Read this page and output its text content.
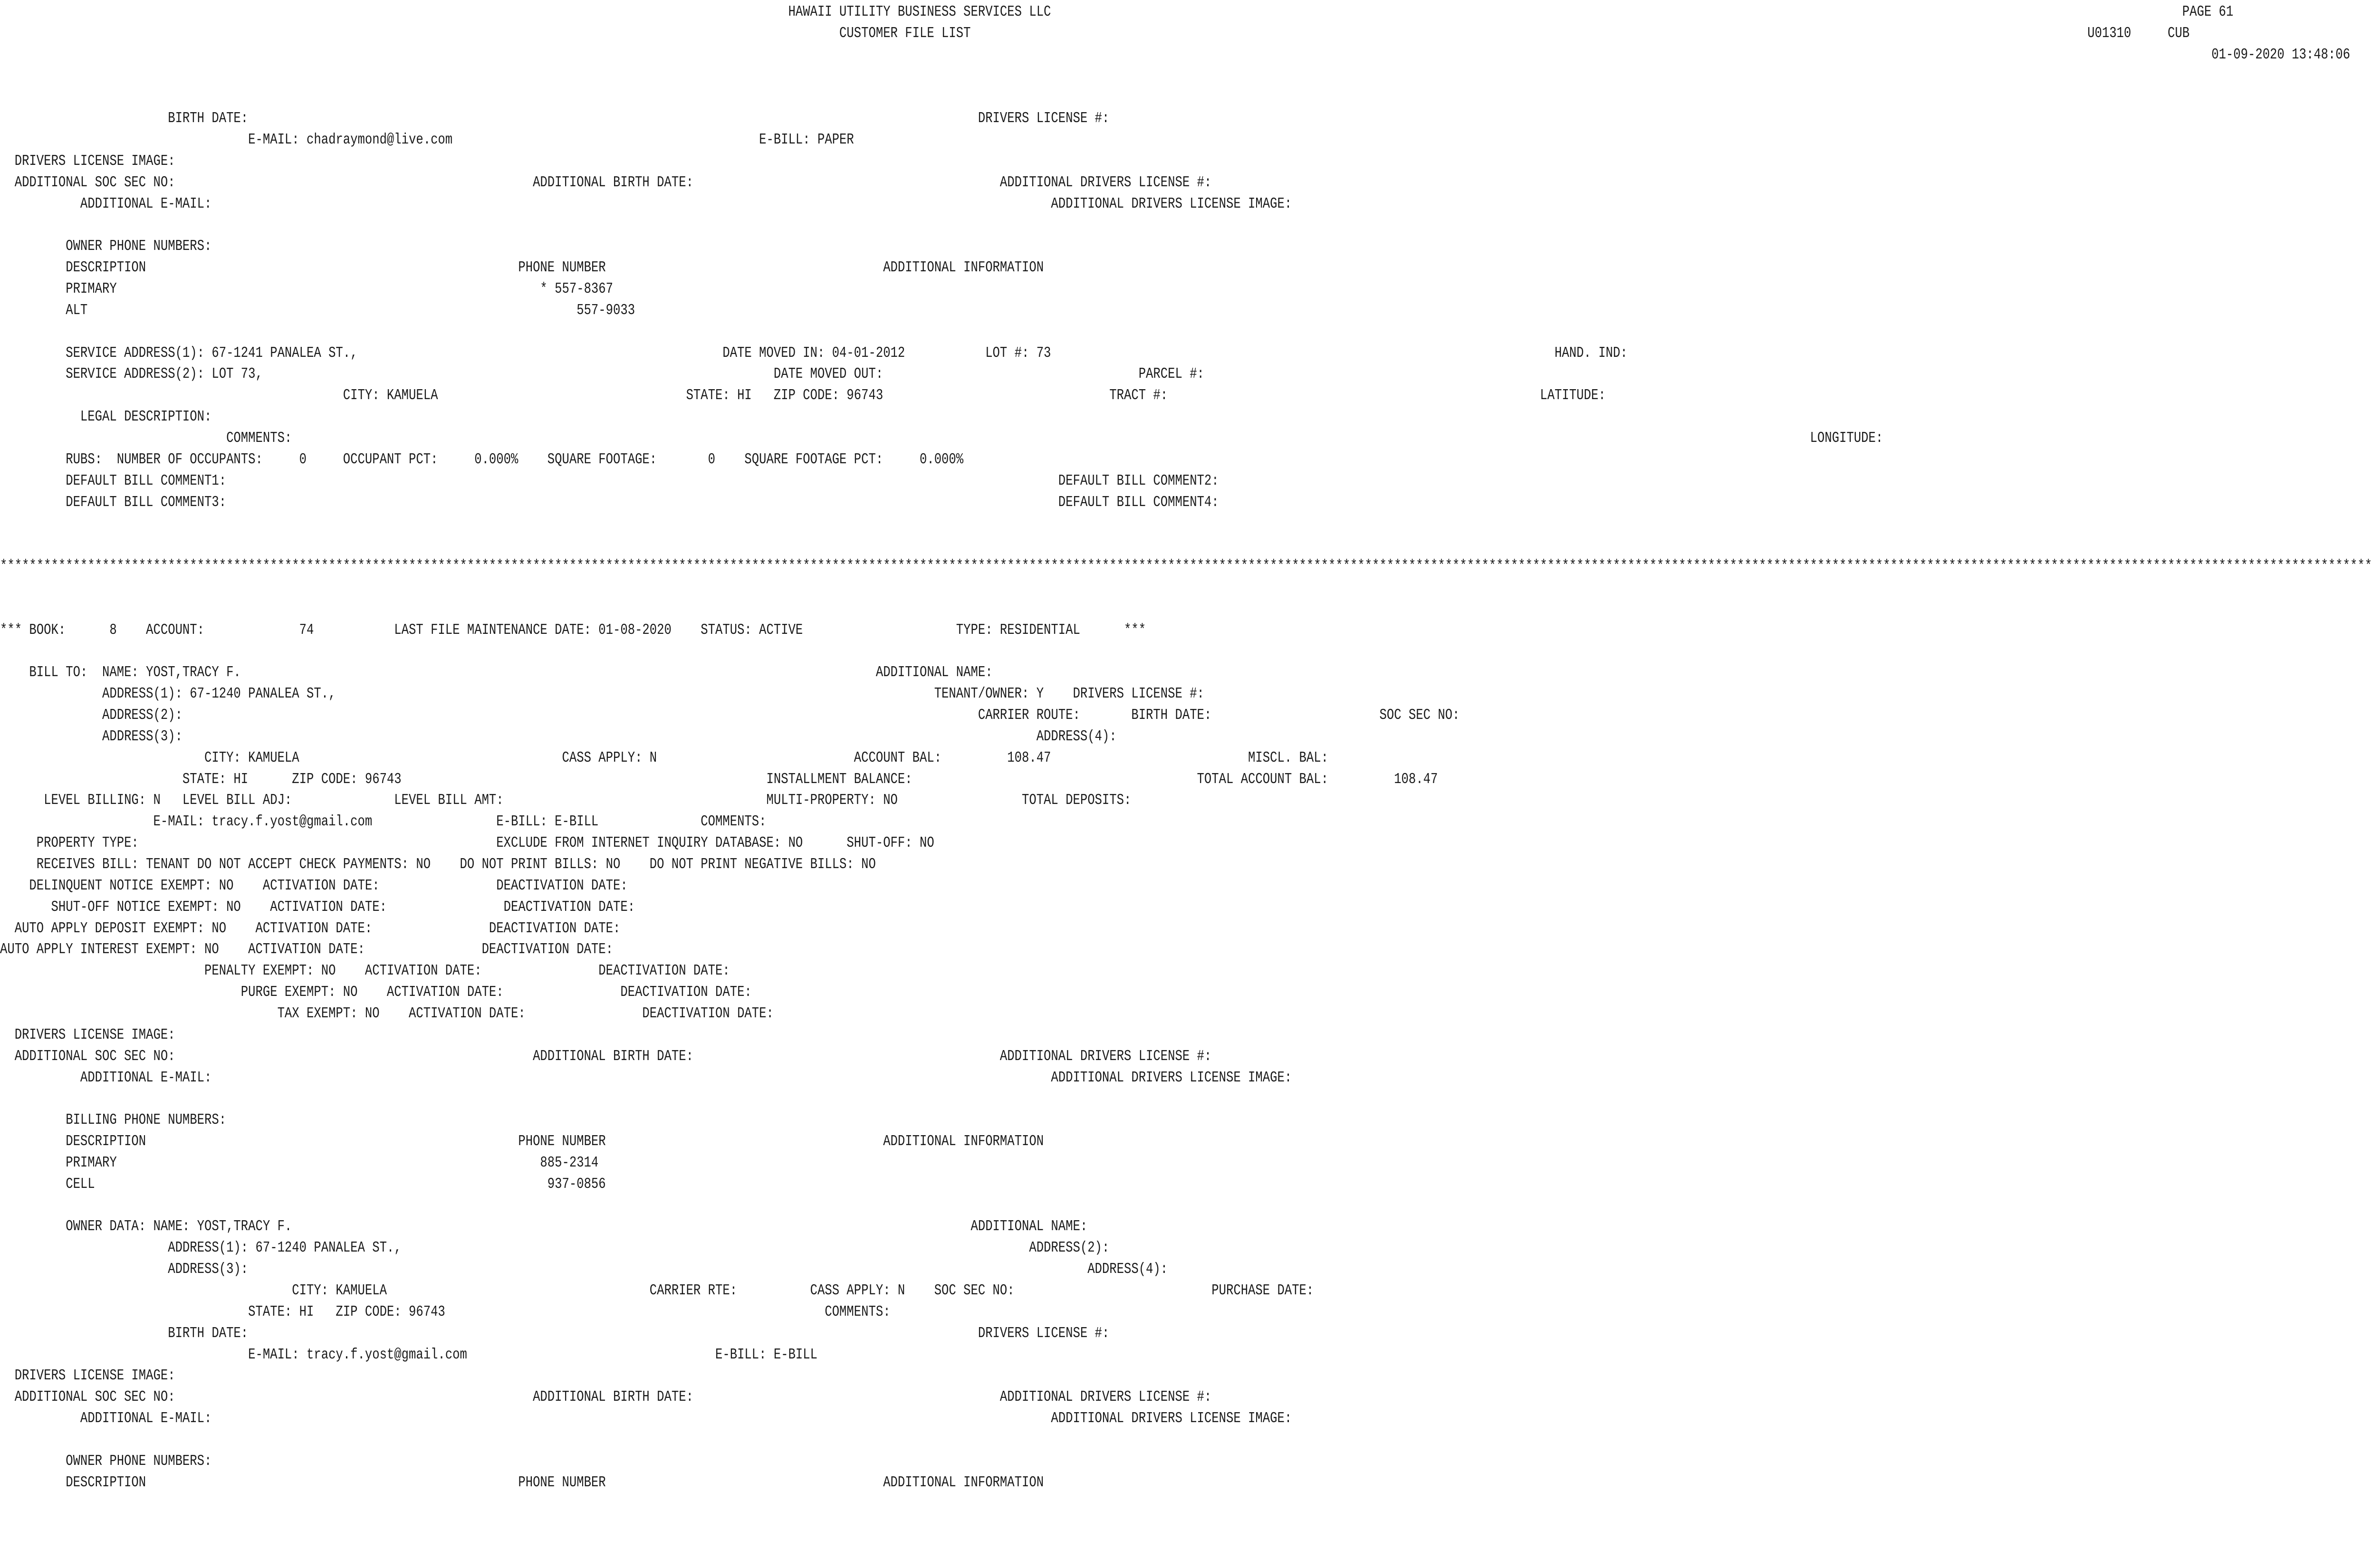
HAWAII UTILITY BUSINESS SERVICES LLC                                                                                                                                                           PAGE 61
CUSTOMER FILE LIST                                                                                                                                                         U01310     CUB
01-09-2020 13:48:06
BIRTH DATE:                                                                                                    DRIVERS LICENSE #:
E-MAIL: chadraymond@live.com                                          E-BILL: PAPER
DRIVERS LICENSE IMAGE:
ADDITIONAL SOC SEC NO:                                                 ADDITIONAL BIRTH DATE:                                          ADDITIONAL DRIVERS LICENSE #:
ADDITIONAL E-MAIL:                                                                                                                   ADDITIONAL DRIVERS LICENSE IMAGE:
OWNER PHONE NUMBERS:
DESCRIPTION                                                   PHONE NUMBER                                      ADDITIONAL INFORMATION
PRIMARY                                                          * 557-8367
ALT                                                                   557-9033
SERVICE ADDRESS(1): 67-1241 PANALEA ST.,                                                  DATE MOVED IN: 04-01-2012           LOT #: 73                                                                     HAND. IND:
SERVICE ADDRESS(2): LOT 73,                                                                      DATE MOVED OUT:                                   PARCEL #:
CITY: KAMUELA                                  STATE: HI   ZIP CODE: 96743                               TRACT #:                                                   LATITUDE:
LEGAL DESCRIPTION:
COMMENTS:                                                                                                                                                                                                                LONGITUDE:
RUBS:  NUMBER OF OCCUPANTS:     0     OCCUPANT PCT:     0.000%    SQUARE FOOTAGE:       0    SQUARE FOOTAGE PCT:     0.000%
DEFAULT BILL COMMENT1:                                                                                                                  DEFAULT BILL COMMENT2:
DEFAULT BILL COMMENT3:                                                                                                                  DEFAULT BILL COMMENT4:
*************************************************************************************************************************************************************************************************************************************************************************************************************************************
*** BOOK:      8    ACCOUNT:             74           LAST FILE MAINTENANCE DATE: 01-08-2020    STATUS: ACTIVE                     TYPE: RESIDENTIAL      ***
BILL TO:  NAME: YOST,TRACY F.                                                                                       ADDITIONAL NAME:
ADDRESS(1): 67-1240 PANALEA ST.,                                                                                  TENANT/OWNER: Y    DRIVERS LICENSE #:
ADDRESS(2):                                                                                                             CARRIER ROUTE:       BIRTH DATE:                       SOC SEC NO:
ADDRESS(3):                                                                                                                     ADDRESS(4):
CITY: KAMUELA                                    CASS APPLY: N                           ACCOUNT BAL:         108.47                           MISCL. BAL:
STATE: HI      ZIP CODE: 96743                                                  INSTALLMENT BALANCE:                                       TOTAL ACCOUNT BAL:         108.47
LEVEL BILLING: N   LEVEL BILL ADJ:              LEVEL BILL AMT:                                    MULTI-PROPERTY: NO                 TOTAL DEPOSITS:
E-MAIL: tracy.f.yost@gmail.com                 E-BILL: E-BILL              COMMENTS:
PROPERTY TYPE:                                                 EXCLUDE FROM INTERNET INQUIRY DATABASE: NO      SHUT-OFF: NO
RECEIVES BILL: TENANT DO NOT ACCEPT CHECK PAYMENTS: NO    DO NOT PRINT BILLS: NO    DO NOT PRINT NEGATIVE BILLS: NO
DELINQUENT NOTICE EXEMPT: NO    ACTIVATION DATE:                DEACTIVATION DATE:
SHUT-OFF NOTICE EXEMPT: NO    ACTIVATION DATE:                DEACTIVATION DATE:
AUTO APPLY DEPOSIT EXEMPT: NO    ACTIVATION DATE:                DEACTIVATION DATE:
AUTO APPLY INTEREST EXEMPT: NO    ACTIVATION DATE:                DEACTIVATION DATE:
PENALTY EXEMPT: NO    ACTIVATION DATE:                DEACTIVATION DATE:
PURGE EXEMPT: NO    ACTIVATION DATE:                DEACTIVATION DATE:
TAX EXEMPT: NO    ACTIVATION DATE:                DEACTIVATION DATE:
DRIVERS LICENSE IMAGE:
ADDITIONAL SOC SEC NO:                                                 ADDITIONAL BIRTH DATE:                                          ADDITIONAL DRIVERS LICENSE #:
ADDITIONAL E-MAIL:                                                                                                                   ADDITIONAL DRIVERS LICENSE IMAGE:
BILLING PHONE NUMBERS:
DESCRIPTION                                                   PHONE NUMBER                                      ADDITIONAL INFORMATION
PRIMARY                                                          885-2314
CELL                                                              937-0856
OWNER DATA: NAME: YOST,TRACY F.                                                                                             ADDITIONAL NAME:
ADDRESS(1): 67-1240 PANALEA ST.,                                                                                      ADDRESS(2):
ADDRESS(3):                                                                                                                   ADDRESS(4):
CITY: KAMUELA                                    CARRIER RTE:          CASS APPLY: N    SOC SEC NO:                           PURCHASE DATE:
STATE: HI   ZIP CODE: 96743                                                    COMMENTS:
BIRTH DATE:                                                                                                    DRIVERS LICENSE #:
E-MAIL: tracy.f.yost@gmail.com                                  E-BILL: E-BILL
DRIVERS LICENSE IMAGE:
ADDITIONAL SOC SEC NO:                                                 ADDITIONAL BIRTH DATE:                                          ADDITIONAL DRIVERS LICENSE #:
ADDITIONAL E-MAIL:                                                                                                                   ADDITIONAL DRIVERS LICENSE IMAGE:
OWNER PHONE NUMBERS:
DESCRIPTION                                                   PHONE NUMBER                                      ADDITIONAL INFORMATION
